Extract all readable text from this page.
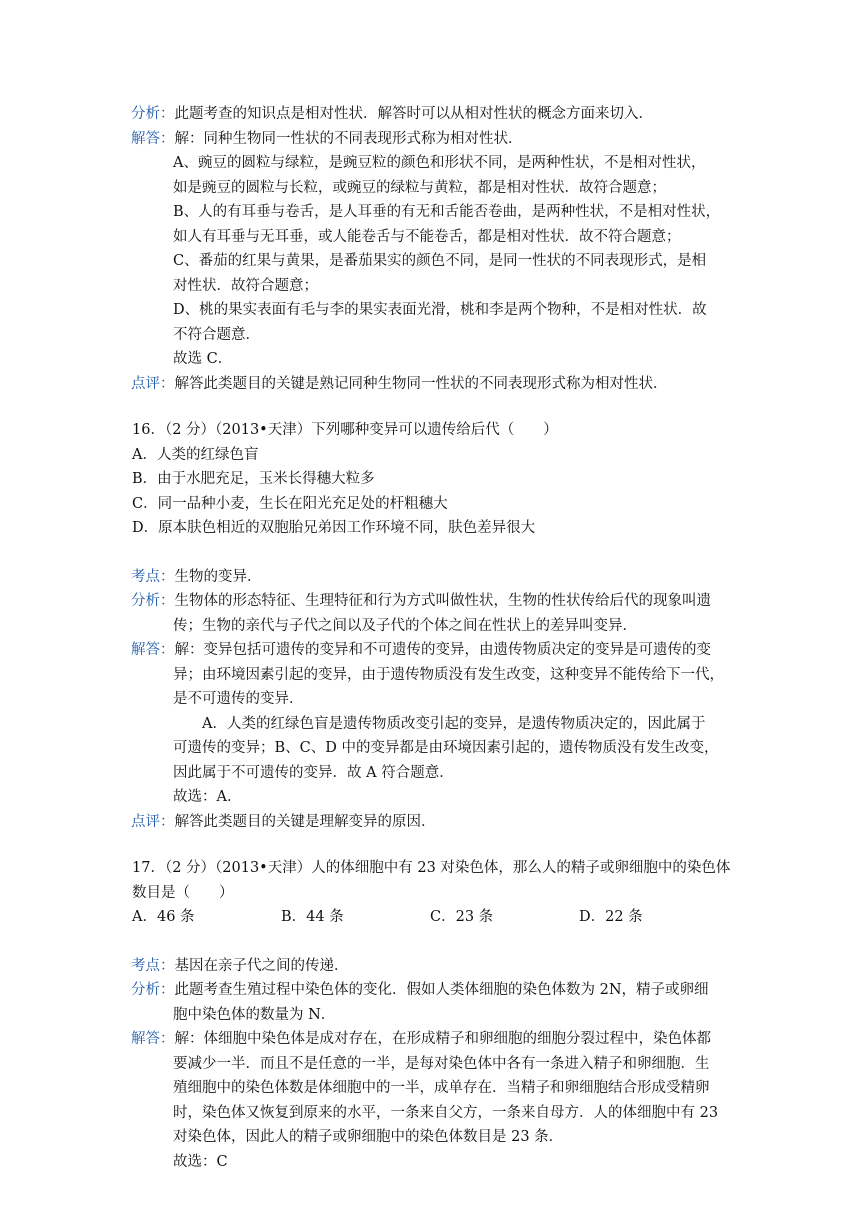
分析： 此题考查的知识点是相对性状．解答时可以从相对性状的概念方面来切入．
解答： 解：同种生物同一性状的不同表现形式称为相对性状．
A、豌豆的圆粒与绿粒，是豌豆粒的颜色和形状不同，是两种性状，不是相对性状，
如是豌豆的圆粒与长粒，或豌豆的绿粒与黄粒，都是相对性状．故符合题意；
B、人的有耳垂与卷舌，是人耳垂的有无和舌能否卷曲，是两种性状，不是相对性状，
如人有耳垂与无耳垂，或人能卷舌与不能卷舌，都是相对性状．故不符合题意；
C、番茄的红果与黄果，是番茄果实的颜色不同，是同一性状的不同表现形式，是相
对性状．故符合题意；
D、桃的果实表面有毛与李的果实表面光滑，桃和李是两个物种，不是相对性状．故
不符合题意．
故选 C．
点评： 解答此类题目的关键是熟记同种生物同一性状的不同表现形式称为相对性状．
16．（2 分）（2013•天津）下列哪种变异可以遗传给后代（　　）
A．人类的红绿色盲
B．由于水肥充足，玉米长得穗大粒多
C．同一品种小麦，生长在阳光充足处的杆粗穗大
D．原本肤色相近的双胞胎兄弟因工作环境不同，肤色差异很大
考点： 生物的变异．
分析： 生物体的形态特征、生理特征和行为方式叫做性状，生物的性状传给后代的现象叫遗
传；生物的亲代与子代之间以及子代的个体之间在性状上的差异叫变异．
解答： 解：变异包括可遗传的变异和不可遗传的变异，由遗传物质决定的变异是可遗传的变
异；由环境因素引起的变异，由于遗传物质没有发生改变，这种变异不能传给下一代，
是不可遗传的变异．
A．人类的红绿色盲是遗传物质改变引起的变异，是遗传物质决定的，因此属于
可遗传的变异；B、C、D 中的变异都是由环境因素引起的，遗传物质没有发生改变，
因此属于不可遗传的变异．故 A 符合题意．
故选：A．
点评： 解答此类题目的关键是理解变异的原因．
17．（2 分）（2013•天津）人的体细胞中有 23 对染色体，那么人的精子或卵细胞中的染色体
数目是（　　）
A．46 条	B．44 条	C．23 条	D．22 条
考点： 基因在亲子代之间的传递．
分析： 此题考查生殖过程中染色体的变化．假如人类体细胞的染色体数为 2N，精子或卵细
胞中染色体的数量为 N．
解答： 解：体细胞中染色体是成对存在，在形成精子和卵细胞的细胞分裂过程中，染色体都
要减少一半．而且不是任意的一半，是每对染色体中各有一条进入精子和卵细胞．生
殖细胞中的染色体数是体细胞中的一半，成单存在．当精子和卵细胞结合形成受精卵
时，染色体又恢复到原来的水平，一条来自父方，一条来自母方．人的体细胞中有 23
对染色体，因此人的精子或卵细胞中的染色体数目是 23 条．
故选：C
